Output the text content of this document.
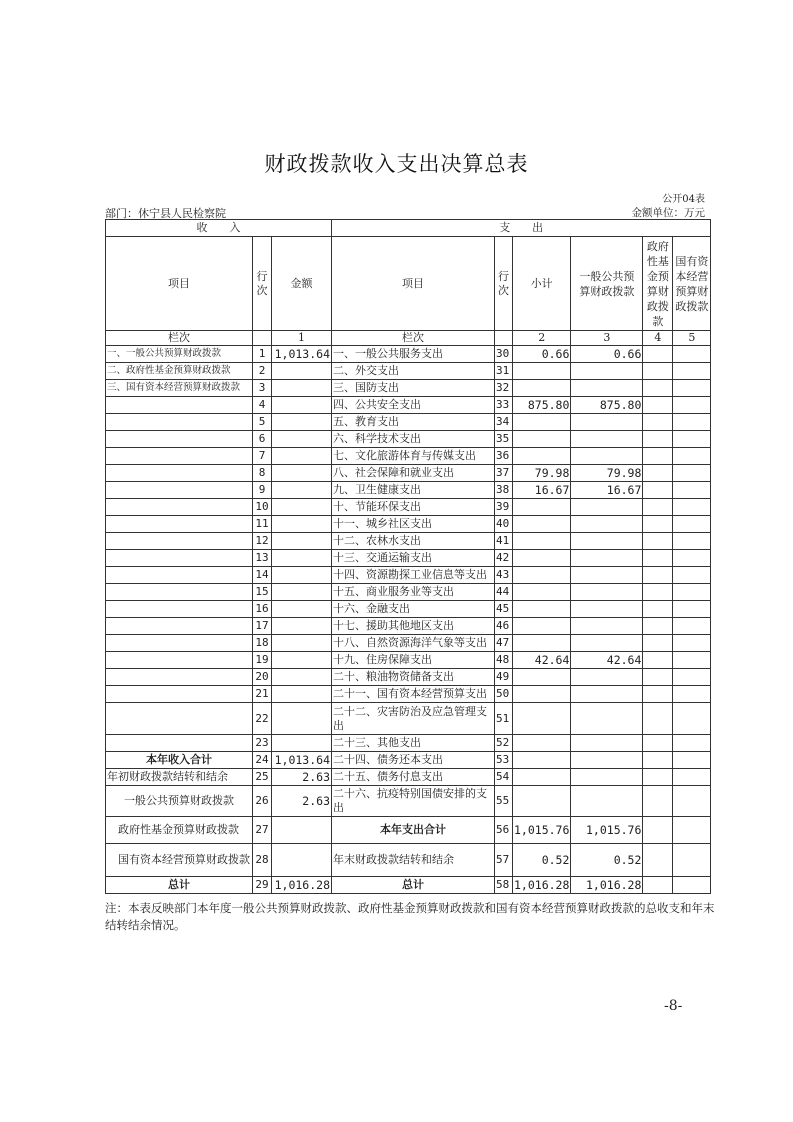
财政拨款收入支出决算总表
公开04表
部门：休宁县人民检察院	金额单位：万元
收　　入			支　　出					
项目	行次	金额	项目	行次	小计	一般公共预算财政拨款	政府性基金预算财政拨款	国有资本经营预算财政拨款
栏次		1	栏次		2	3	4	5
一、一般公共预算财政拨款	1	1,013.64	一、一般公共服务支出	30	0.66	0.66		
二、政府性基金预算财政拨款	2		二、外交支出	31				
三、国有资本经营预算财政拨款	3		三、国防支出	32				
	4		四、公共安全支出	33	875.80	875.80		
	5		五、教育支出	34				
	6		六、科学技术支出	35				
	7		七、文化旅游体育与传媒支出	36				
	8		八、社会保障和就业支出	37	79.98	79.98		
	9		九、卫生健康支出	38	16.67	16.67		
	10		十、节能环保支出	39				
	11		十一、城乡社区支出	40				
	12		十二、农林水支出	41				
	13		十三、交通运输支出	42				
	14		十四、资源勘探工业信息等支出	43				
	15		十五、商业服务业等支出	44				
	16		十六、金融支出	45				
	17		十七、援助其他地区支出	46				
	18		十八、自然资源海洋气象等支出	47				
	19		十九、住房保障支出	48	42.64	42.64		
	20		二十、粮油物资储备支出	49				
	21		二十一、国有资本经营预算支出	50				
	22		二十二、灾害防治及应急管理支出	51				
	23		二十三、其他支出	52				
本年收入合计	24	1,013.64	二十四、债务还本支出	53				
年初财政拨款结转和结余	25	2.63	二十五、债务付息支出	54				
一般公共预算财政拨款	26	2.63	二十六、抗疫特别国债安排的支出	55				
政府性基金预算财政拨款	27		本年支出合计	56	1,015.76	1,015.76		
国有资本经营预算财政拨款	28		年末财政拨款结转和结余	57	0.52	0.52		
总计	29	1,016.28	总计	58	1,016.28	1,016.28		
注：本表反映部门本年度一般公共预算财政拨款、政府性基金预算财政拨款和国有资本经营预算财政拨款的总收支和年末结转结余情况。
-8-
